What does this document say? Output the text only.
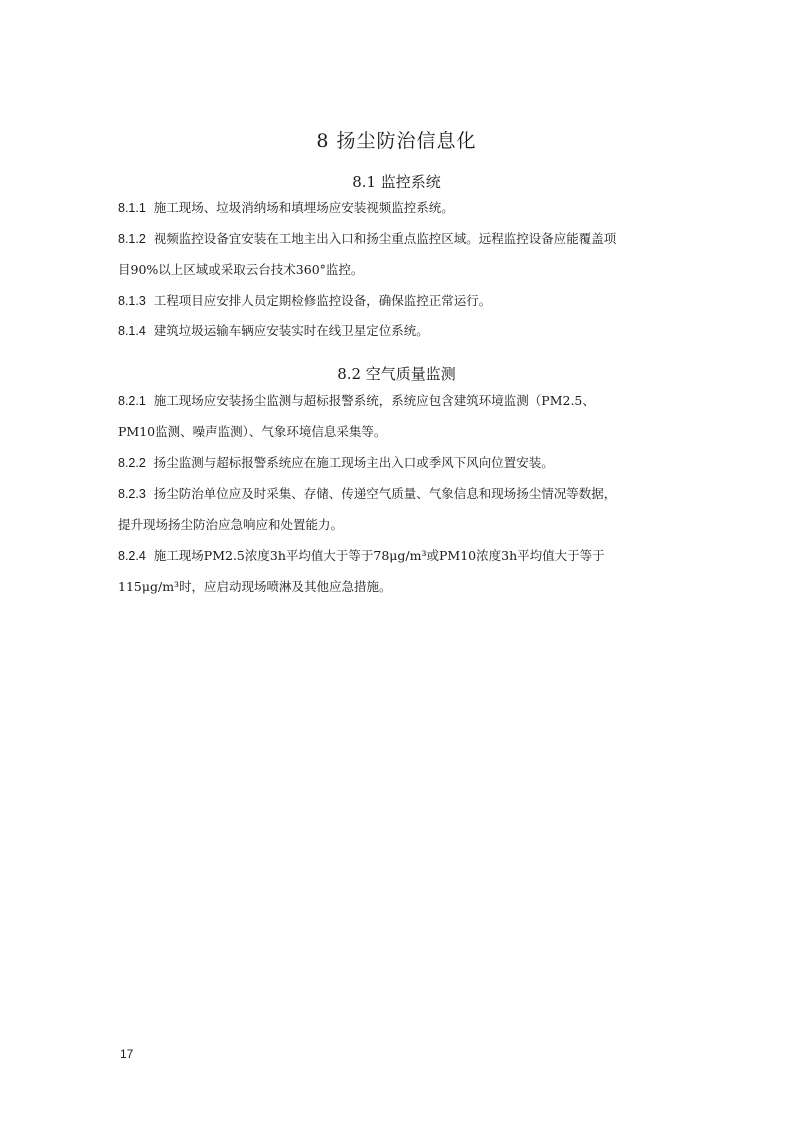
8 扬尘防治信息化
8.1 监控系统
8.1.1 施工现场、垃圾消纳场和填埋场应安装视频监控系统。
8.1.2 视频监控设备宜安装在工地主出入口和扬尘重点监控区域。远程监控设备应能覆盖项
目90%以上区域或采取云台技术360°监控。
8.1.3 工程项目应安排人员定期检修监控设备，确保监控正常运行。
8.1.4 建筑垃圾运输车辆应安装实时在线卫星定位系统。
8.2 空气质量监测
8.2.1 施工现场应安装扬尘监测与超标报警系统，系统应包含建筑环境监测（PM2.5、
PM10监测、噪声监测）、气象环境信息采集等。
8.2.2 扬尘监测与超标报警系统应在施工现场主出入口或季风下风向位置安装。
8.2.3 扬尘防治单位应及时采集、存储、传递空气质量、气象信息和现场扬尘情况等数据，
提升现场扬尘防治应急响应和处置能力。
8.2.4 施工现场PM2.5浓度3h平均值大于等于78μg/m³或PM10浓度3h平均值大于等于
115μg/m³时，应启动现场喷淋及其他应急措施。
17
